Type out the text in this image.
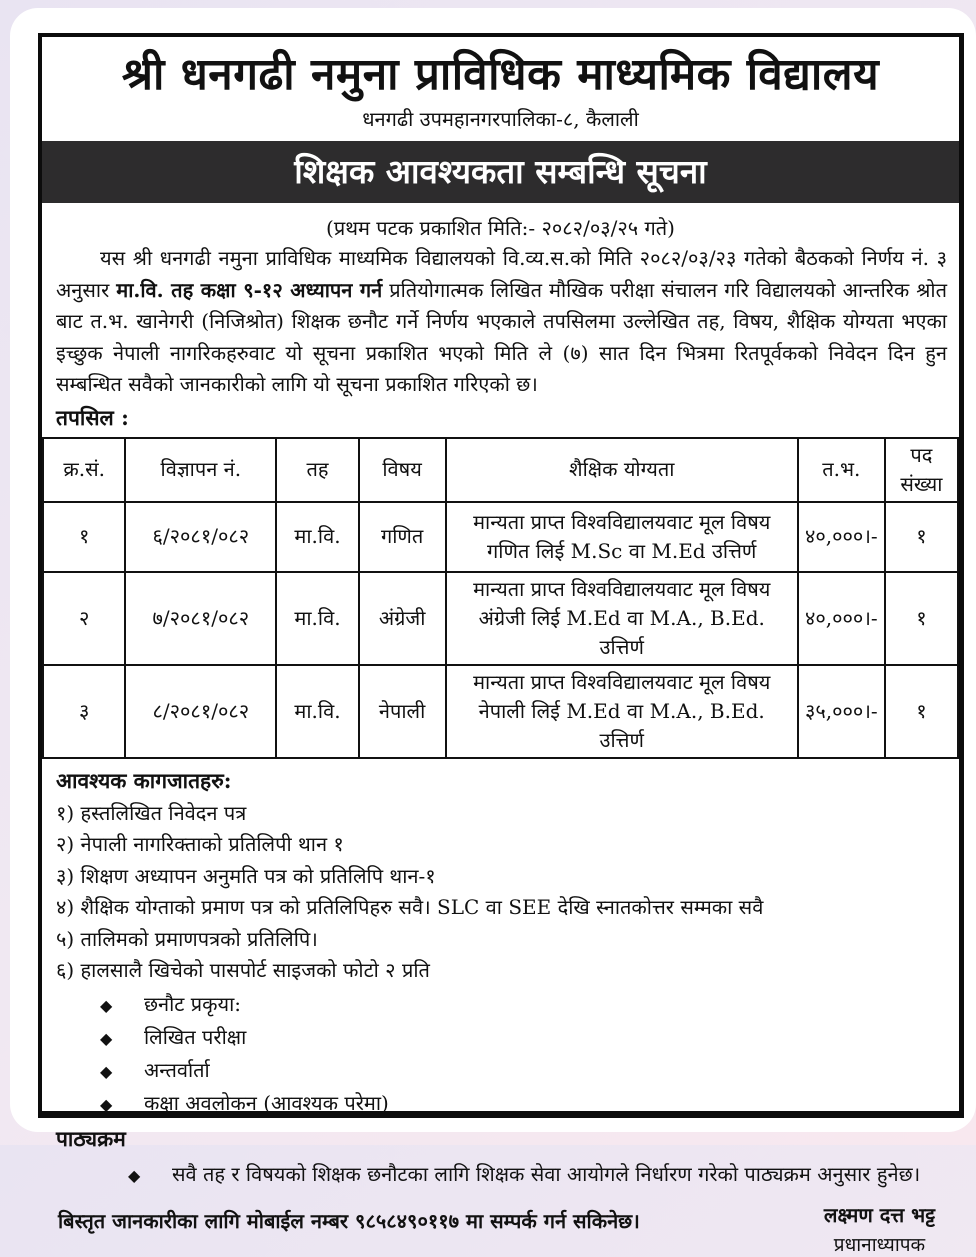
श्री धनगढी नमुना प्राविधिक माध्यमिक विद्यालय
धनगढी उपमहानगरपालिका-८, कैलाली
शिक्षक आवश्यकता सम्बन्धि सूचना
(प्रथम पटक प्रकाशित मिति:- २०८२/०३/२५ गते)
यस श्री धनगढी नमुना प्राविधिक माध्यमिक विद्यालयको वि.व्य.स.को मिति २०८२/०३/२३ गतेको बैठकको निर्णय नं. ३ अनुसार मा.वि. तह कक्षा ९-१२ अध्यापन गर्न प्रतियोगात्मक लिखित मौखिक परीक्षा संचालन गरि विद्यालयको आन्तरिक श्रोत बाट त.भ. खानेगरी (निजिश्रोत) शिक्षक छनौट गर्ने निर्णय भएकाले तपसिलमा उल्लेखित तह, विषय, शैक्षिक योग्यता भएका इच्छुक नेपाली नागरिकहरुवाट यो सूचना प्रकाशित भएको मिति ले (७) सात दिन भित्रमा रितपूर्वकको निवेदन दिन हुन सम्बन्धित सवैको जानकारीको लागि यो सूचना प्रकाशित गरिएको छ।
तपसिल :
क्र.सं.	विज्ञापन नं.	तह	विषय	शैक्षिक योग्यता	त.भ.	पद संख्या
१	६/२०८१/०८२	मा.वि.	गणित	मान्यता प्राप्त विश्वविद्यालयवाट मूल विषय गणित लिई M.Sc वा M.Ed उत्तिर्ण	४०,०००।-	१
२	७/२०८१/०८२	मा.वि.	अंग्रेजी	मान्यता प्राप्त विश्वविद्यालयवाट मूल विषय अंग्रेजी लिई M.Ed वा M.A., B.Ed. उत्तिर्ण	४०,०००।-	१
३	८/२०८१/०८२	मा.वि.	नेपाली	मान्यता प्राप्त विश्वविद्यालयवाट मूल विषय नेपाली लिई M.Ed वा M.A., B.Ed. उत्तिर्ण	३५,०००।-	१
आवश्यक कागजातहरु:
१) हस्तलिखित निवेदन पत्र
२) नेपाली नागरिक्ताको प्रतिलिपी थान १
३) शिक्षण अध्यापन अनुमति पत्र को प्रतिलिपि थान-१
४) शैक्षिक योग्ताको प्रमाण पत्र को प्रतिलिपिहरु सवै। SLC वा SEE देखि स्नातकोत्तर सम्मका सवै
५) तालिमको प्रमाणपत्रको प्रतिलिपि।
६) हालसालै खिचेको पासपोर्ट साइजको फोटो २ प्रति
◆	छनौट प्रकृया:
◆	लिखित परीक्षा
◆	अन्तर्वार्ता
◆	कक्षा अवलोकन (आवश्यक परेमा)
पाठ्यक्रम
◆	सवै तह र विषयको शिक्षक छनौटका लागि शिक्षक सेवा आयोगले निर्धारण गरेको पाठ्यक्रम अनुसार हुनेछ।
बिस्तृत जानकारीका लागि मोबाईल नम्बर ९८५८४९०११७ मा सम्पर्क गर्न सकिनेछ।	लक्ष्मण दत्त भट्ट
प्रधानाध्यापक
